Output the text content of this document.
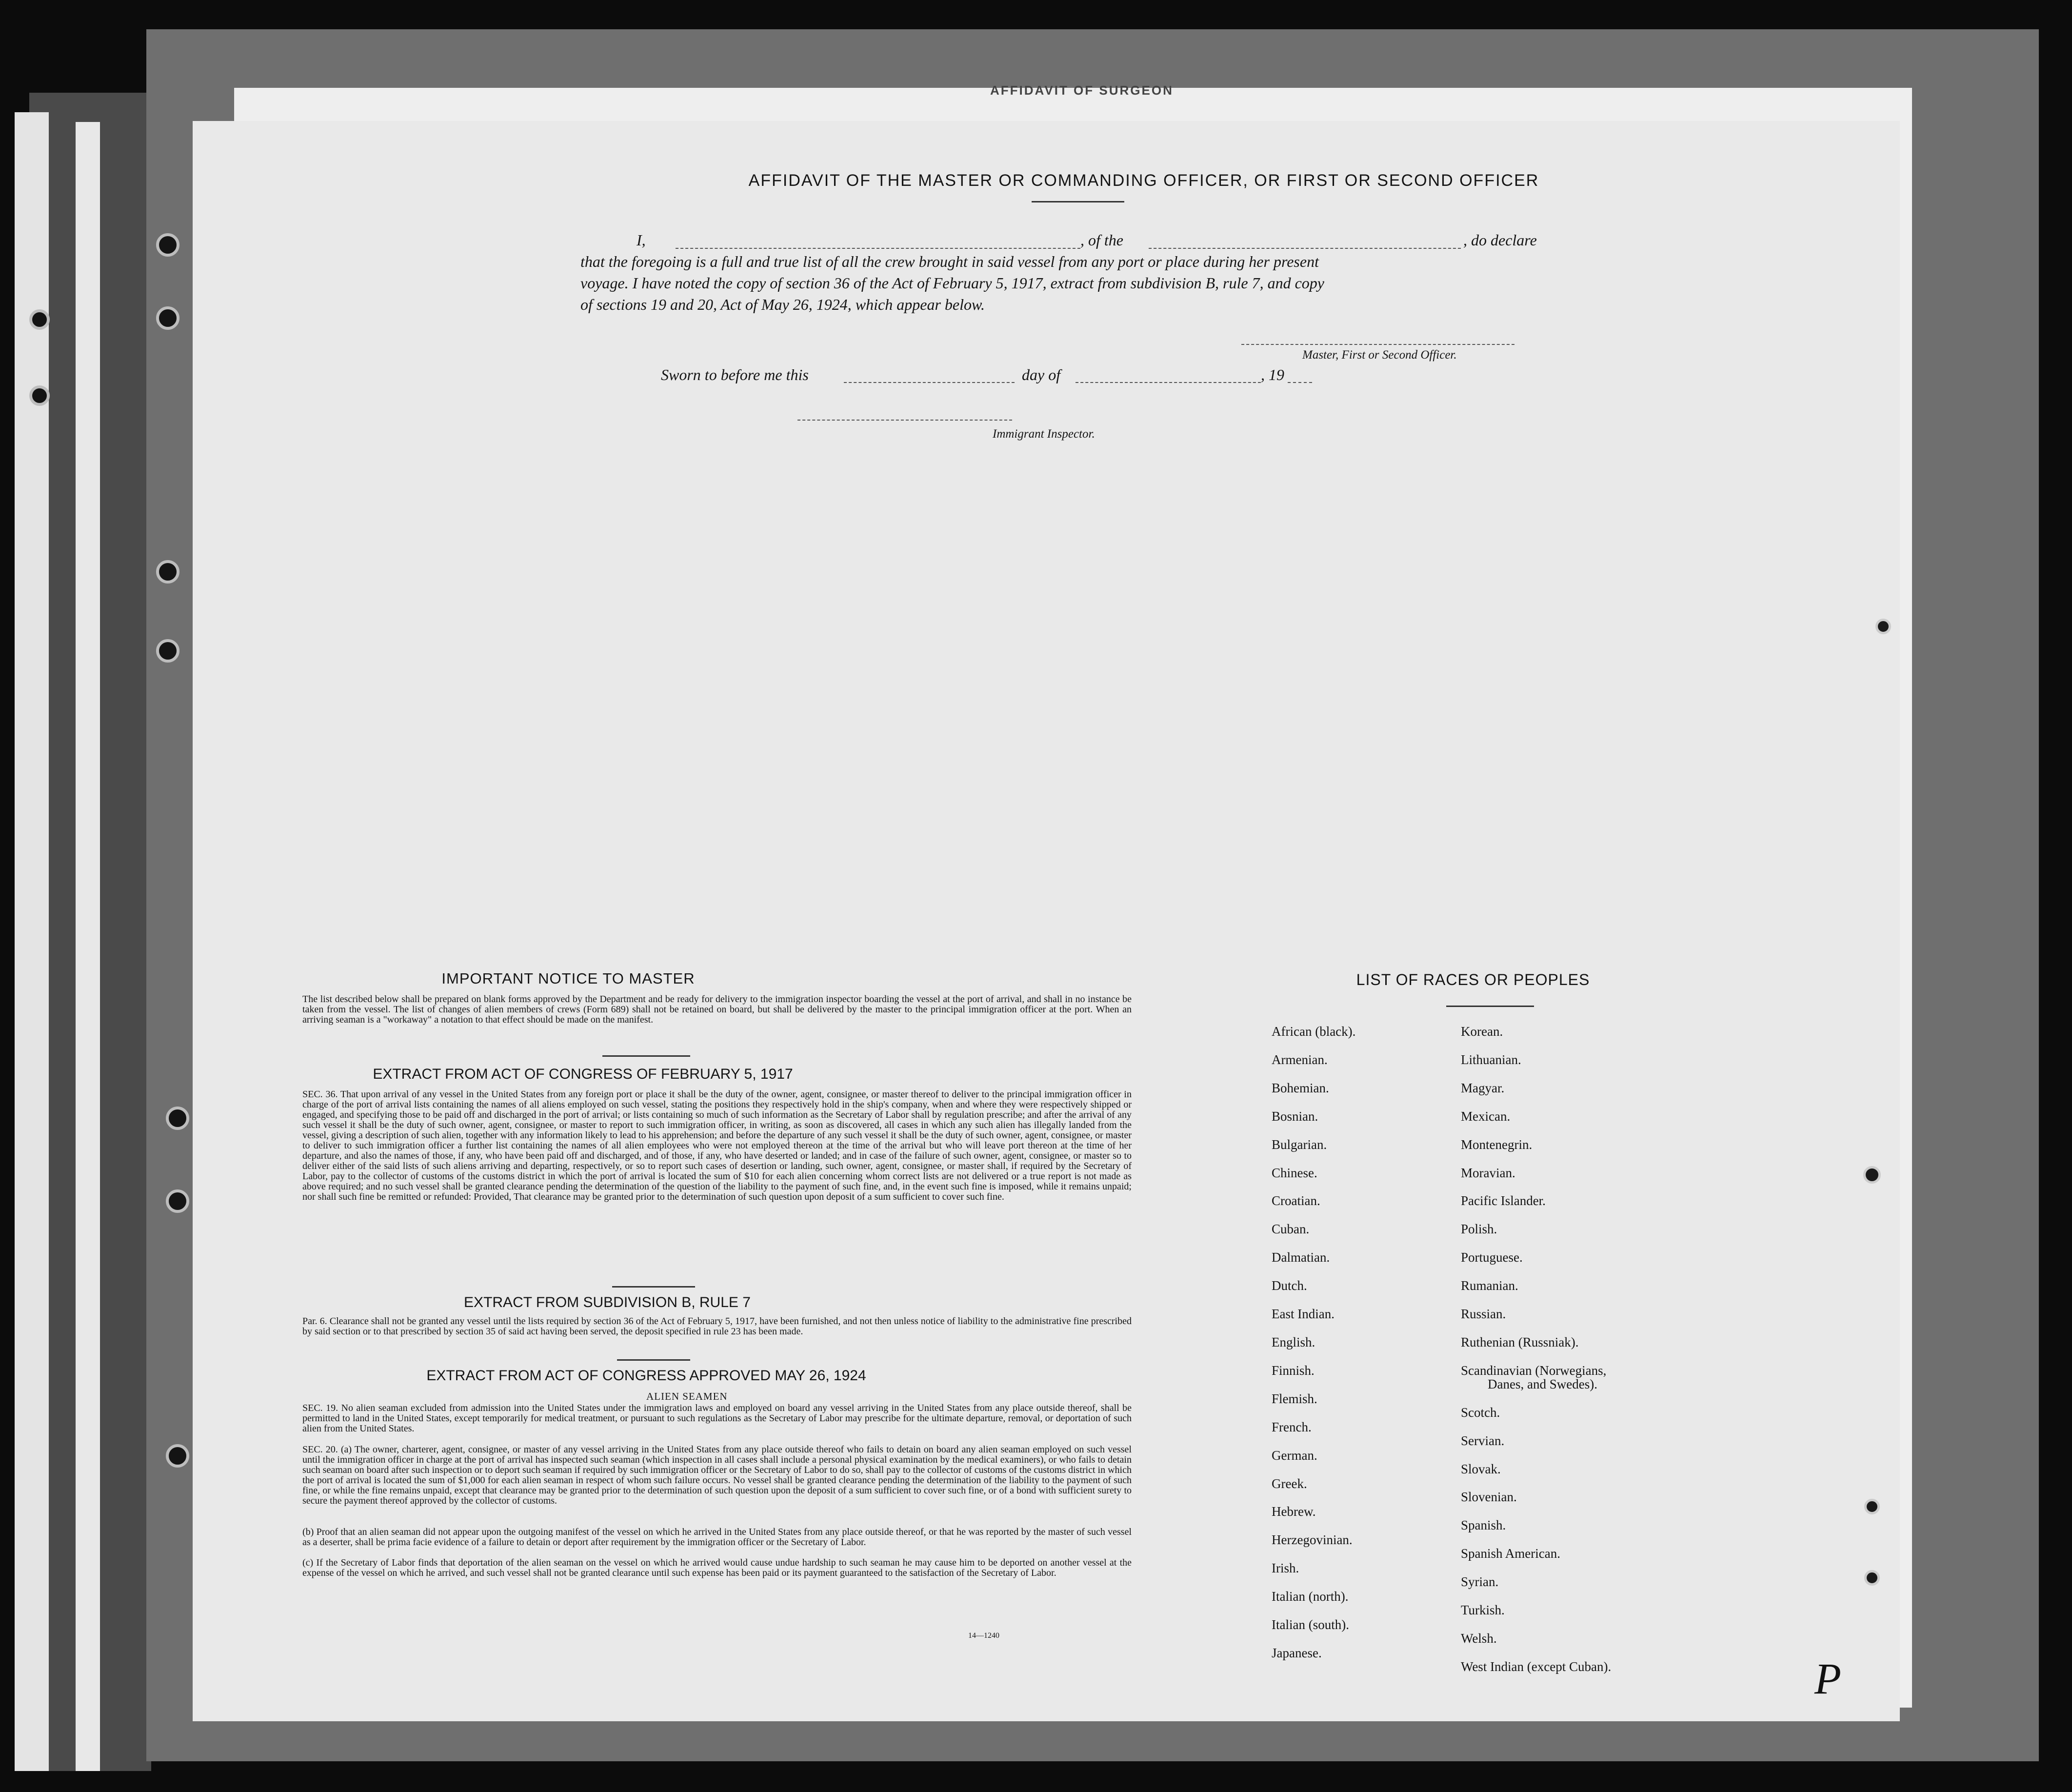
AFFIDAVIT OF SURGEON
AFFIDAVIT OF THE MASTER OR COMMANDING OFFICER, OR FIRST OR SECOND OFFICER
I,	, of the	, do declare
that the foregoing is a full and true list of all the crew brought in said vessel from any port or place during her present
voyage. I have noted the copy of section 36 of the Act of February 5, 1917, extract from subdivision B, rule 7, and copy
of sections 19 and 20, Act of May 26, 1924, which appear below.
Master, First or Second Officer.
Sworn to before me this	day of	, 19
Immigrant Inspector.
IMPORTANT NOTICE TO MASTER
The list described below shall be prepared on blank forms approved by the Department and be ready for delivery to the immigration inspector boarding the vessel at the port of arrival, and shall in no instance be taken from the vessel. The list of changes of alien members of crews (Form 689) shall not be retained on board, but shall be delivered by the master to the principal immigration officer at the port. When an arriving seaman is a "workaway" a notation to that effect should be made on the manifest.
EXTRACT FROM ACT OF CONGRESS OF FEBRUARY 5, 1917
SEC. 36. That upon arrival of any vessel in the United States from any foreign port or place it shall be the duty of the owner, agent, consignee, or master thereof to deliver to the principal immigration officer in charge of the port of arrival lists containing the names of all aliens employed on such vessel, stating the positions they respectively hold in the ship's company, when and where they were respectively shipped or engaged, and specifying those to be paid off and discharged in the port of arrival; or lists containing so much of such information as the Secretary of Labor shall by regulation prescribe; and after the arrival of any such vessel it shall be the duty of such owner, agent, consignee, or master to report to such immigration officer, in writing, as soon as discovered, all cases in which any such alien has illegally landed from the vessel, giving a description of such alien, together with any information likely to lead to his apprehension; and before the departure of any such vessel it shall be the duty of such owner, agent, consignee, or master to deliver to such immigration officer a further list containing the names of all alien employees who were not employed thereon at the time of the arrival but who will leave port thereon at the time of her departure, and also the names of those, if any, who have been paid off and discharged, and of those, if any, who have deserted or landed; and in case of the failure of such owner, agent, consignee, or master so to deliver either of the said lists of such aliens arriving and departing, respectively, or so to report such cases of desertion or landing, such owner, agent, consignee, or master shall, if required by the Secretary of Labor, pay to the collector of customs of the customs district in which the port of arrival is located the sum of $10 for each alien concerning whom correct lists are not delivered or a true report is not made as above required; and no such vessel shall be granted clearance pending the determination of the question of the liability to the payment of such fine, and, in the event such fine is imposed, while it remains unpaid; nor shall such fine be remitted or refunded: Provided, That clearance may be granted prior to the determination of such question upon deposit of a sum sufficient to cover such fine.
EXTRACT FROM SUBDIVISION B, RULE 7
Par. 6. Clearance shall not be granted any vessel until the lists required by section 36 of the Act of February 5, 1917, have been furnished, and not then unless notice of liability to the administrative fine prescribed by said section or to that prescribed by section 35 of said act having been served, the deposit specified in rule 23 has been made.
EXTRACT FROM ACT OF CONGRESS APPROVED MAY 26, 1924
ALIEN SEAMEN
SEC. 19. No alien seaman excluded from admission into the United States under the immigration laws and employed on board any vessel arriving in the United States from any place outside thereof, shall be permitted to land in the United States, except temporarily for medical treatment, or pursuant to such regulations as the Secretary of Labor may prescribe for the ultimate departure, removal, or deportation of such alien from the United States.
SEC. 20. (a) The owner, charterer, agent, consignee, or master of any vessel arriving in the United States from any place outside thereof who fails to detain on board any alien seaman employed on such vessel until the immigration officer in charge at the port of arrival has inspected such seaman (which inspection in all cases shall include a personal physical examination by the medical examiners), or who fails to detain such seaman on board after such inspection or to deport such seaman if required by such immigration officer or the Secretary of Labor to do so, shall pay to the collector of customs of the customs district in which the port of arrival is located the sum of $1,000 for each alien seaman in respect of whom such failure occurs. No vessel shall be granted clearance pending the determination of the liability to the payment of such fine, or while the fine remains unpaid, except that clearance may be granted prior to the determination of such question upon the deposit of a sum sufficient to cover such fine, or of a bond with sufficient surety to secure the payment thereof approved by the collector of customs.
(b) Proof that an alien seaman did not appear upon the outgoing manifest of the vessel on which he arrived in the United States from any place outside thereof, or that he was reported by the master of such vessel as a deserter, shall be prima facie evidence of a failure to detain or deport after requirement by the immigration officer or the Secretary of Labor.
(c) If the Secretary of Labor finds that deportation of the alien seaman on the vessel on which he arrived would cause undue hardship to such seaman he may cause him to be deported on another vessel at the expense of the vessel on which he arrived, and such vessel shall not be granted clearance until such expense has been paid or its payment guaranteed to the satisfaction of the Secretary of Labor.
14—1240
LIST OF RACES OR PEOPLES
African (black).
Armenian.
Bohemian.
Bosnian.
Bulgarian.
Chinese.
Croatian.
Cuban.
Dalmatian.
Dutch.
East Indian.
English.
Finnish.
Flemish.
French.
German.
Greek.
Hebrew.
Herzegovinian.
Irish.
Italian (north).
Italian (south).
Japanese.
Korean.
Lithuanian.
Magyar.
Mexican.
Montenegrin.
Moravian.
Pacific Islander.
Polish.
Portuguese.
Rumanian.
Russian.
Ruthenian (Russniak).
Scandinavian (Norwegians,
Danes, and Swedes).
Scotch.
Servian.
Slovak.
Slovenian.
Spanish.
Spanish American.
Syrian.
Turkish.
Welsh.
West Indian (except Cuban).	P
